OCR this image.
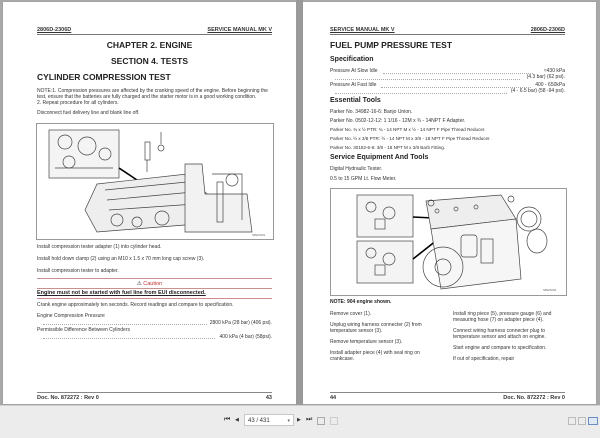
2806D-2306D	SERVICE MANUAL MK V
CHAPTER 2. ENGINE
SECTION 4. TESTS
CYLINDER COMPRESSION TEST
NOTE:1. Compression pressures are affected by the cranking speed of the engine. Before beginning the
test, ensure that the batteries are fully charged and the starter motor is in a good working condition.
2. Repeat procedure for all cylinders.
Disconnect fuel delivery line and blank line off.
S8W4001
Install compression tester adapter (1) into cylinder head.
Install hold down clamp (2) using an M10 x 1.5 x 70 mm long cap screw (3).
Install compression tester to adapter.
⚠ Caution
Engine must not be started with fuel line from EUI disconnected.
Crank engine approximately ten seconds. Record readings and compare to specification.
Engine Compression Pressure
2800 kPa (28 bar) (406 psi).
Permissible Difference Between Cylinders
400 kPa (4 bar) (58psi).
Doc. No. 872272 : Rev 0	43
SERVICE MANUAL MK V	2806D-2306D
FUEL PUMP PRESSURE TEST
Specification
Pressure At Slow Idle	≈430 kPa
(4.3 bar) (62 psi).
Pressure At Fast Idle	400 - 650kPa
(4 - 6.5 bar) (58 -94 psi).
Essential Tools
Parker No. 34982-16-6: Banjo Union.
Parker No. 0502-12-12: 1 1/16 - 12M x ¾ - 14NPT F Adapter.
Parker No. ¾ x ½ PTR: ¾ - 14 NPT M x ½ - 14 NPT F Pipe Thread Reducer.
Parker No. ½ x 3/8 PTR: ½ - 14 NPT M x 3/8 - 18 NPT F Pipe Thread Reducer.
Parker No. 30182-6-6: 3/8 - 18 NPT M x 3/8 Barb Fitting.
Service Equipment And Tools
Digital Hydraulic Tester.
0.5 to 15 GPM Lt. Flow Meter.
S8W4002
NOTE: 904 engine shown.
Remove cover (1).
Unplug wiring harness connecter (2) from temperature sensor (3).
Remove temperature sensor (3).
Install adapter piece (4) with seal ring on crankcase.
Install ring piece (5), pressure gauge (6) and measuring hose (7) on adapter piece (4).
Connect wiring harness connecter plug to temperature sensor and attach on engine.
Start engine and compare to specification.
If out of specification, repair
44	Doc. No. 872272 : Rev 0
⏮ ◀	43 / 431	▾ ▶ ⏭
